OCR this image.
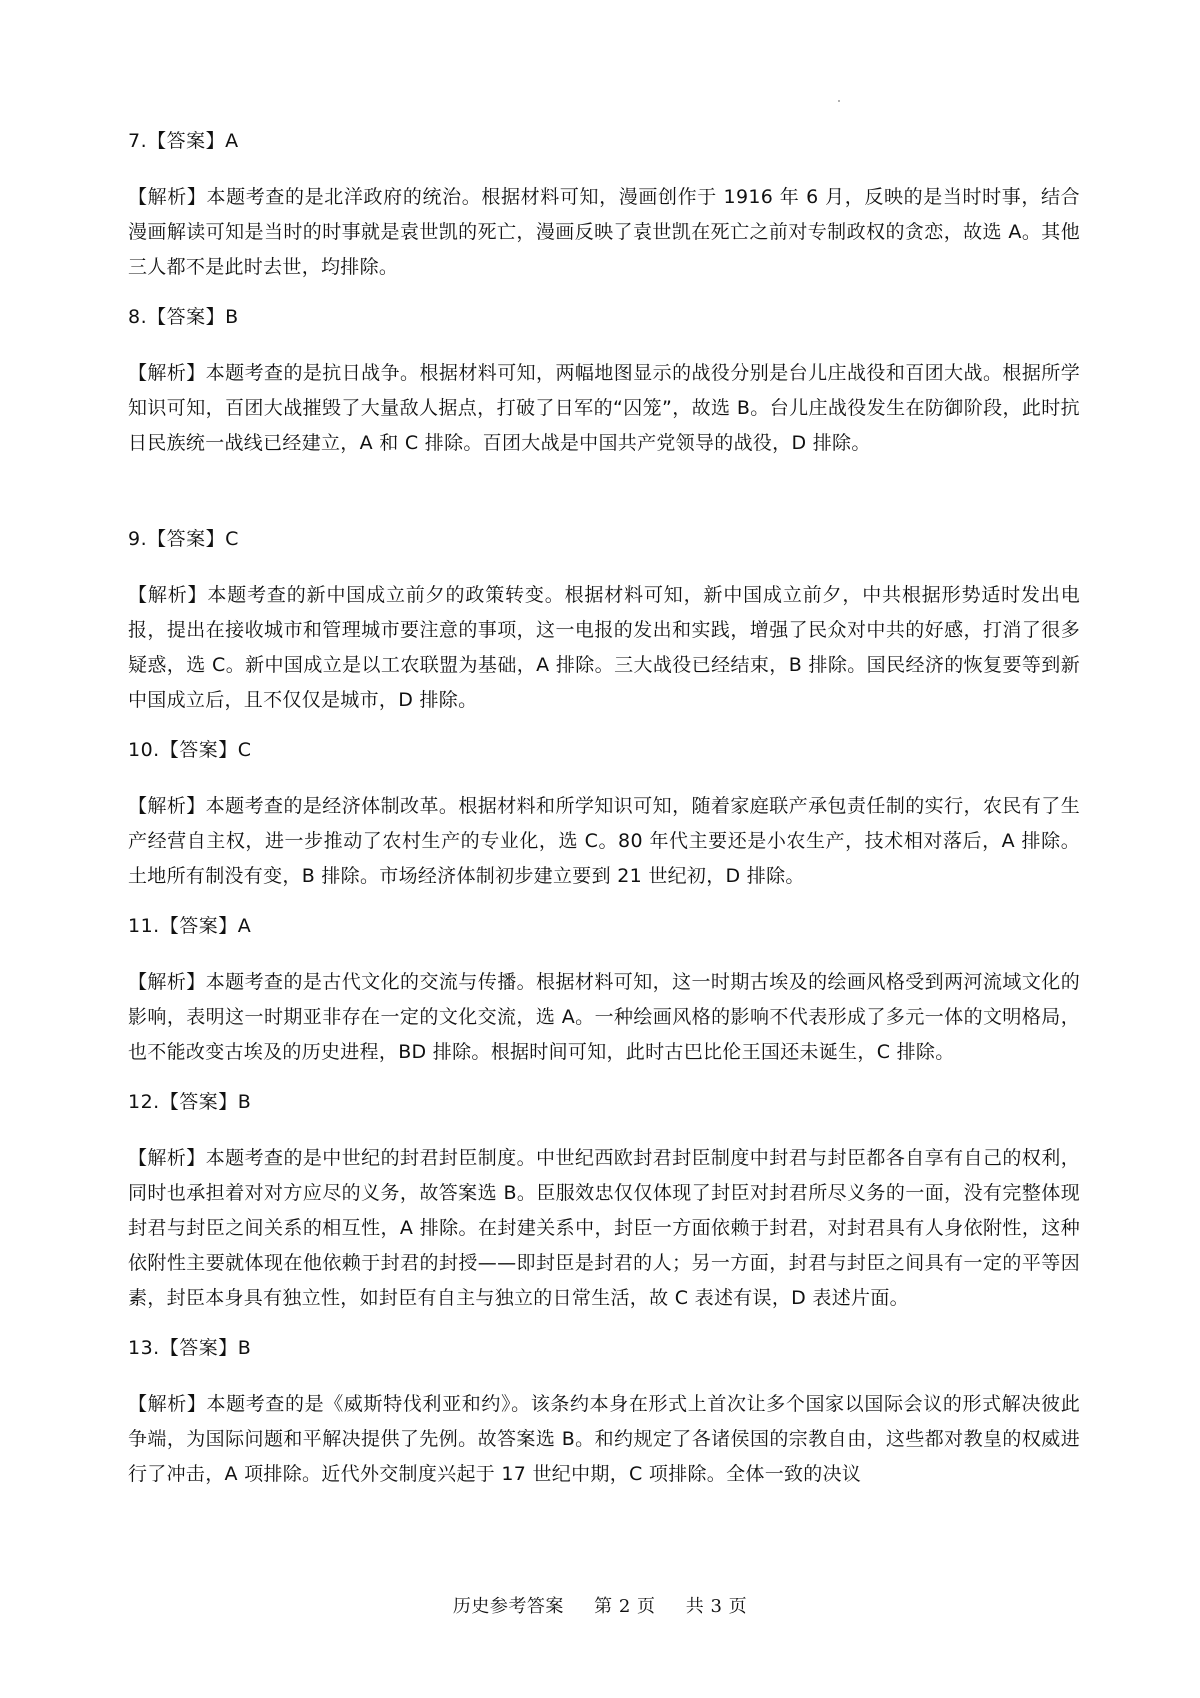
7.【答案】A

【解析】本题考查的是北洋政府的统治。根据材料可知，漫画创作于 1916 年 6 月，反映的是当时时事，结合漫画解读可知是当时的时事就是袁世凯的死亡，漫画反映了袁世凯在死亡之前对专制政权的贪恋，故选 A。其他三人都不是此时去世，均排除。

8.【答案】B

【解析】本题考查的是抗日战争。根据材料可知，两幅地图显示的战役分别是台儿庄战役和百团大战。根据所学知识可知，百团大战摧毁了大量敌人据点，打破了日军的“囚笼”，故选 B。台儿庄战役发生在防御阶段，此时抗日民族统一战线已经建立，A 和 C 排除。百团大战是中国共产党领导的战役，D 排除。

9.【答案】C

【解析】本题考查的新中国成立前夕的政策转变。根据材料可知，新中国成立前夕，中共根据形势适时发出电报，提出在接收城市和管理城市要注意的事项，这一电报的发出和实践，增强了民众对中共的好感，打消了很多疑惑，选 C。新中国成立是以工农联盟为基础，A 排除。三大战役已经结束，B 排除。国民经济的恢复要等到新中国成立后，且不仅仅是城市，D 排除。

10.【答案】C

【解析】本题考查的是经济体制改革。根据材料和所学知识可知，随着家庭联产承包责任制的实行，农民有了生产经营自主权，进一步推动了农村生产的专业化，选 C。80 年代主要还是小农生产，技术相对落后，A 排除。土地所有制没有变，B 排除。市场经济体制初步建立要到 21 世纪初，D 排除。

11.【答案】A

【解析】本题考查的是古代文化的交流与传播。根据材料可知，这一时期古埃及的绘画风格受到两河流域文化的影响，表明这一时期亚非存在一定的文化交流，选 A。一种绘画风格的影响不代表形成了多元一体的文明格局，也不能改变古埃及的历史进程，BD 排除。根据时间可知，此时古巴比伦王国还未诞生，C 排除。

12.【答案】B

【解析】本题考查的是中世纪的封君封臣制度。中世纪西欧封君封臣制度中封君与封臣都各自享有自己的权利，同时也承担着对对方应尽的义务，故答案选 B。臣服效忠仅仅体现了封臣对封君所尽义务的一面，没有完整体现封君与封臣之间关系的相互性，A 排除。在封建关系中，封臣一方面依赖于封君，对封君具有人身依附性，这种依附性主要就体现在他依赖于封君的封授——即封臣是封君的人；另一方面，封君与封臣之间具有一定的平等因素，封臣本身具有独立性，如封臣有自主与独立的日常生活，故 C 表述有误，D 表述片面。

13.【答案】B

【解析】本题考查的是《威斯特伐利亚和约》。该条约本身在形式上首次让多个国家以国际会议的形式解决彼此争端，为国际问题和平解决提供了先例。故答案选 B。和约规定了各诸侯国的宗教自由，这些都对教皇的权威进行了冲击，A 项排除。近代外交制度兴起于 17 世纪中期，C 项排除。全体一致的决议

历史参考答案 第 2 页 共 3 页
